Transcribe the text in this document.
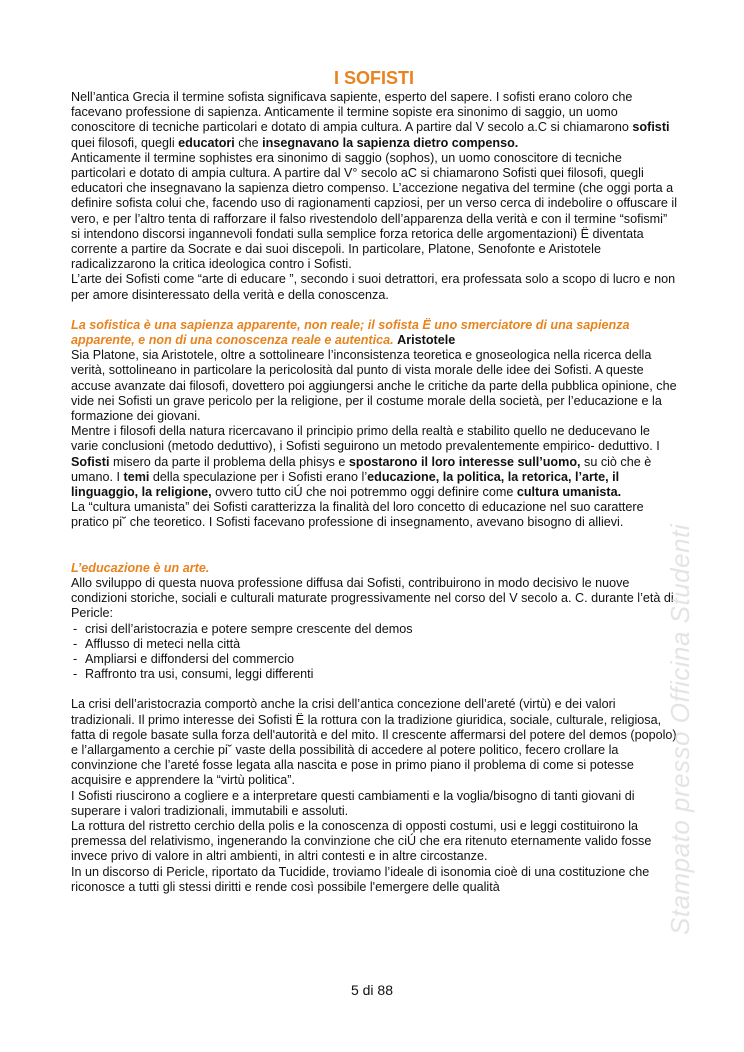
I SOFISTI

Nell’antica Grecia il termine sofista significava sapiente, esperto del sapere. I sofisti erano coloro che facevano professione di sapienza. Anticamente il termine sopiste era sinonimo di saggio, un uomo conoscitore di tecniche particolari e dotato di ampia cultura. A partire dal V secolo a.C si chiamarono sofisti quei filosofi, quegli educatori che insegnavano la sapienza dietro compenso.

Anticamente il termine sophistes era sinonimo di saggio (sophos), un uomo conoscitore di tecniche particolari e dotato di ampia cultura. A partire dal V° secolo aC si chiamarono Sofisti quei filosofi, quegli educatori che insegnavano la sapienza dietro compenso. L’accezione negativa del termine (che oggi porta a definire sofista colui che, facendo uso di ragionamenti capziosi, per un verso cerca di indebolire o offuscare il vero, e per l’altro tenta di rafforzare il falso rivestendolo dell’apparenza della verità e con il termine “sofismi” si intendono discorsi ingannevoli fondati sulla semplice forza retorica delle argomentazioni) Ë diventata corrente a partire da Socrate e dai suoi discepoli. In particolare, Platone, Senofonte e Aristotele radicalizzarono la critica ideologica contro i Sofisti.

L’arte dei Sofisti come “arte di educare ”, secondo i suoi detrattori, era professata solo a scopo di lucro e non per amore disinteressato della verità e della conoscenza.

La sofistica è una sapienza apparente, non reale; il sofista Ë uno smerciatore di una sapienza apparente, e non di una conoscenza reale e autentica. Aristotele

Sia Platone, sia Aristotele, oltre a sottolineare l’inconsistenza teoretica e gnoseologica nella ricerca della verità, sottolineano in particolare la pericolosità dal punto di vista morale delle idee dei Sofisti. A queste accuse avanzate dai filosofi, dovettero poi aggiungersi anche le critiche da parte della pubblica opinione, che vide nei Sofisti un grave pericolo per la religione, per il costume morale della società, per l’educazione e la formazione dei giovani.

Mentre i filosofi della natura ricercavano il principio primo della realtà e stabilito quello ne deducevano le varie conclusioni (metodo deduttivo), i Sofisti seguirono un metodo prevalentemente empirico- deduttivo. I Sofisti misero da parte il problema della phisys e spostarono il loro interesse sull’uomo, su ciò che è umano. I temi della speculazione per i Sofisti erano l’educazione, la politica, la retorica, l’arte, il linguaggio, la religione, ovvero tutto ciÚ che noi potremmo oggi definire come cultura umanista.

La “cultura umanista” dei Sofisti caratterizza la finalità del loro concetto di educazione nel suo carattere pratico pi˘ che teoretico. I Sofisti facevano professione di insegnamento, avevano bisogno di allievi.

L’educazione è un arte.

Allo sviluppo di questa nuova professione diffusa dai Sofisti, contribuirono in modo decisivo le nuove condizioni storiche, sociali e culturali maturate progressivamente nel corso del V secolo a. C. durante l’età di Pericle:

- crisi dell’aristocrazia e potere sempre crescente del demos
- Afflusso di meteci nella città
- Ampliarsi e diffondersi del commercio
- Raffronto tra usi, consumi, leggi differenti

La crisi dell’aristocrazia comportò anche la crisi dell’antica concezione dell’areté (virtù) e dei valori tradizionali. Il primo interesse dei Sofisti Ë la rottura con la tradizione giuridica, sociale, culturale, religiosa, fatta di regole basate sulla forza dell'autorità e del mito. Il crescente affermarsi del potere del demos (popolo) e l’allargamento a cerchie pi˘ vaste della possibilità di accedere al potere politico, fecero crollare la convinzione che l’areté fosse legata alla nascita e pose in primo piano il problema di come si potesse acquisire e apprendere la “virtù politica”.

I Sofisti riuscirono a cogliere e a interpretare questi cambiamenti e la voglia/bisogno di tanti giovani di superare i valori tradizionali, immutabili e assoluti.

La rottura del ristretto cerchio della polis e la conoscenza di opposti costumi, usi e leggi costituirono la premessa del relativismo, ingenerando la convinzione che ciÚ che era ritenuto eternamente valido fosse invece privo di valore in altri ambienti, in altri contesti e in altre circostanze.

In un discorso di Pericle, riportato da Tucidide, troviamo l’ideale di isonomia cioè di una costituzione che riconosce a tutti gli stessi diritti e rende così possibile l'emergere delle qualità	Stampato presso Officina Studenti
5 di 88
